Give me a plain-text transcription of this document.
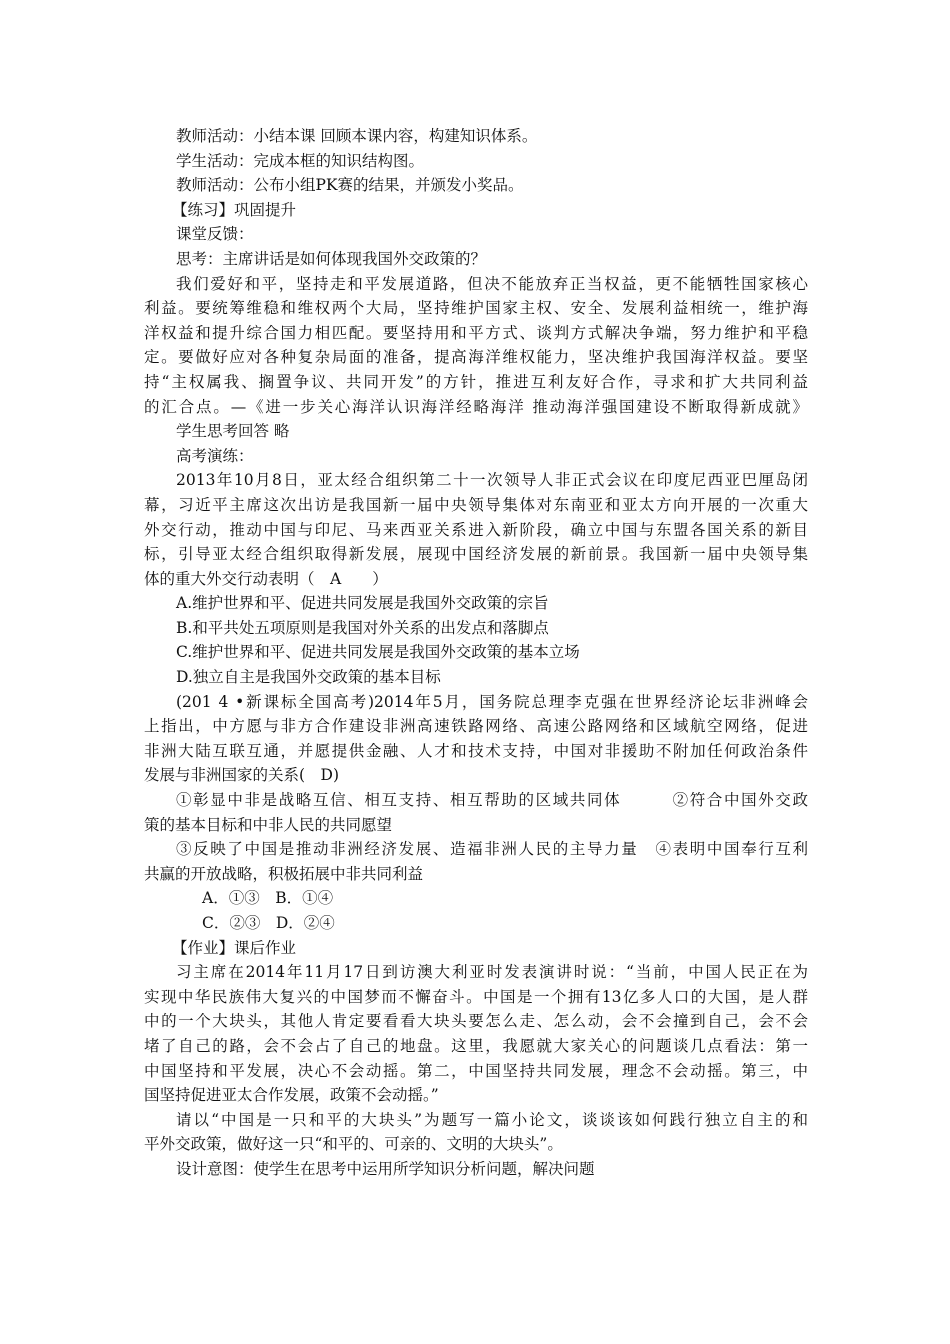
教师活动：小结本课 回顾本课内容，构建知识体系。
学生活动：完成本框的知识结构图。
教师活动：公布小组PK赛的结果，并颁发小奖品。
【练习】巩固提升
课堂反馈：
思考：主席讲话是如何体现我国外交政策的？
我们爱好和平，坚持走和平发展道路，但决不能放弃正当权益，更不能牺牲国家核心
利益。要统筹维稳和维权两个大局，坚持维护国家主权、安全、发展利益相统一，维护海
洋权益和提升综合国力相匹配。要坚持用和平方式、谈判方式解决争端，努力维护和平稳
定。要做好应对各种复杂局面的准备，提高海洋维权能力，坚决维护我国海洋权益。要坚
持“主权属我、搁置争议、共同开发”的方针，推进互利友好合作，寻求和扩大共同利益
的汇合点。—《进一步关心海洋认识海洋经略海洋 推动海洋强国建设不断取得新成就》
学生思考回答 略
高考演练：
2013年10月8日，亚太经合组织第二十一次领导人非正式会议在印度尼西亚巴厘岛闭
幕，习近平主席这次出访是我国新一届中央领导集体对东南亚和亚太方向开展的一次重大
外交行动，推动中国与印尼、马来西亚关系进入新阶段，确立中国与东盟各国关系的新目
标，引导亚太经合组织取得新发展，展现中国经济发展的新前景。我国新一届中央领导集
体的重大外交行动表明（　A　　）
A.维护世界和平、促进共同发展是我国外交政策的宗旨
B.和平共处五项原则是我国对外关系的出发点和落脚点
C.维护世界和平、促进共同发展是我国外交政策的基本立场
D.独立自主是我国外交政策的基本目标
(201 4 •新课标全国高考)2014年5月，国务院总理李克强在世界经济论坛非洲峰会
上指出，中方愿与非方合作建设非洲高速铁路网络、高速公路网络和区域航空网络，促进
非洲大陆互联互通，并愿提供金融、人才和技术支持，中国对非援助不附加任何政治条件
发展与非洲国家的关系(　D)
①彰显中非是战略互信、相互支持、相互帮助的区域共同体　　　②符合中国外交政
策的基本目标和中非人民的共同愿望
③反映了中国是推动非洲经济发展、造福非洲人民的主导力量　④表明中国奉行互利
共赢的开放战略，积极拓展中非共同利益
A．①③　B．①④
C．②③　D．②④
【作业】课后作业
习主席在2014年11月17日到访澳大利亚时发表演讲时说：“当前，中国人民正在为
实现中华民族伟大复兴的中国梦而不懈奋斗。中国是一个拥有13亿多人口的大国，是人群
中的一个大块头，其他人肯定要看看大块头要怎么走、怎么动，会不会撞到自己，会不会
堵了自己的路，会不会占了自己的地盘。这里，我愿就大家关心的问题谈几点看法：第一
中国坚持和平发展，决心不会动摇。第二，中国坚持共同发展，理念不会动摇。第三，中
国坚持促进亚太合作发展，政策不会动摇。”
请以“中国是一只和平的大块头”为题写一篇小论文，谈谈该如何践行独立自主的和
平外交政策，做好这一只“和平的、可亲的、文明的大块头”。
设计意图：使学生在思考中运用所学知识分析问题，解决问题
